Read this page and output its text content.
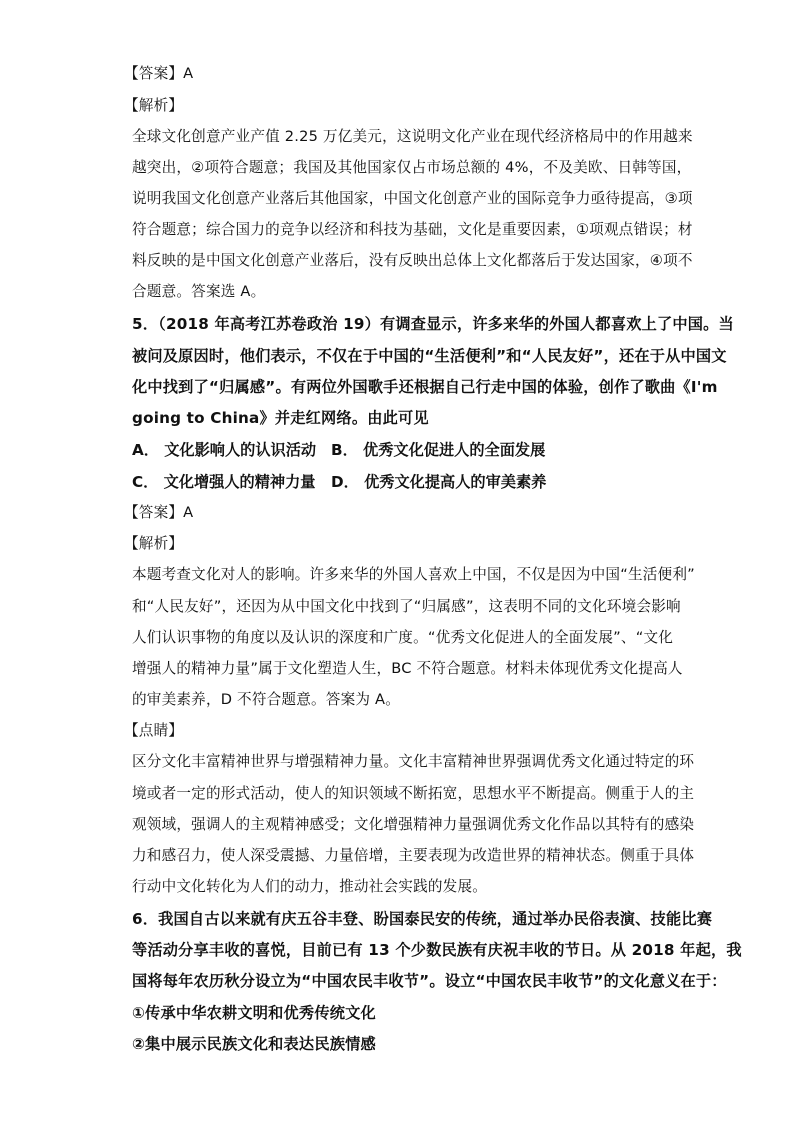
【答案】A
【解析】
全球文化创意产业产值 2.25 万亿美元，这说明文化产业在现代经济格局中的作用越来
越突出，②项符合题意；我国及其他国家仅占市场总额的 4%，不及美欧、日韩等国，
说明我国文化创意产业落后其他国家，中国文化创意产业的国际竞争力亟待提高，③项
符合题意；综合国力的竞争以经济和科技为基础，文化是重要因素，①项观点错误；材
料反映的是中国文化创意产业落后，没有反映出总体上文化都落后于发达国家，④项不
合题意。答案选 A。
5．（2018 年高考江苏卷政治 19）有调查显示，许多来华的外国人都喜欢上了中国。当
被问及原因时，他们表示，不仅在于中国的“生活便利”和“人民友好”，还在于从中国文
化中找到了“归属感”。有两位外国歌手还根据自己行走中国的体验，创作了歌曲《I'm
going to China》并走红网络。由此可见
A． 文化影响人的认识活动 B． 优秀文化促进人的全面发展
C． 文化增强人的精神力量 D． 优秀文化提高人的审美素养
【答案】A
【解析】
本题考查文化对人的影响。许多来华的外国人喜欢上中国，不仅是因为中国“生活便利”
和“人民友好”，还因为从中国文化中找到了“归属感”，这表明不同的文化环境会影响
人们认识事物的角度以及认识的深度和广度。“优秀文化促进人的全面发展”、“文化
增强人的精神力量”属于文化塑造人生，BC 不符合题意。材料未体现优秀文化提高人
的审美素养，D 不符合题意。答案为 A。
【点睛】
区分文化丰富精神世界与增强精神力量。文化丰富精神世界强调优秀文化通过特定的环
境或者一定的形式活动，使人的知识领域不断拓宽，思想水平不断提高。侧重于人的主
观领域，强调人的主观精神感受；文化增强精神力量强调优秀文化作品以其特有的感染
力和感召力，使人深受震撼、力量倍增，主要表现为改造世界的精神状态。侧重于具体
行动中文化转化为人们的动力，推动社会实践的发展。
6．我国自古以来就有庆五谷丰登、盼国泰民安的传统，通过举办民俗表演、技能比赛
等活动分享丰收的喜悦，目前已有 13 个少数民族有庆祝丰收的节日。从 2018 年起，我
国将每年农历秋分设立为“中国农民丰收节”。设立“中国农民丰收节”的文化意义在于：
①传承中华农耕文明和优秀传统文化
②集中展示民族文化和表达民族情感
